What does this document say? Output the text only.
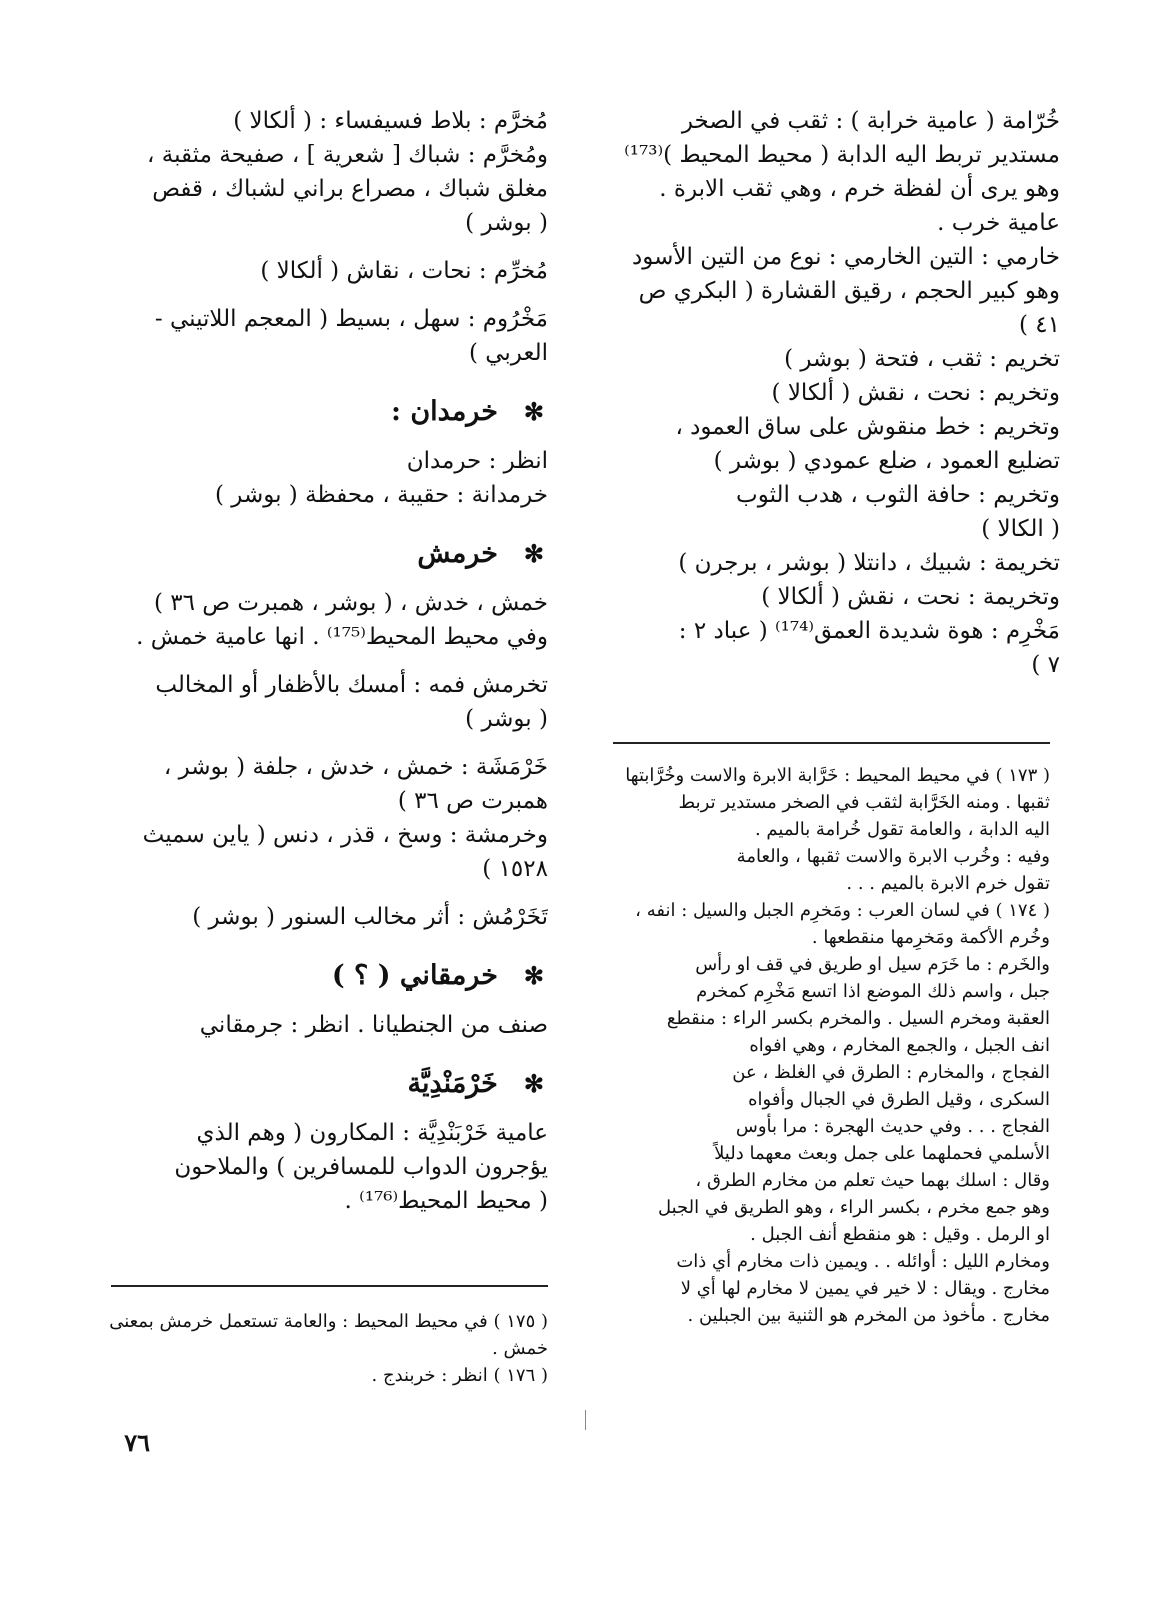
خُرّامة ( عامية خرابة ) : ثقب في الصخر
مستدير تربط اليه الدابة ( محيط المحيط )⁽¹⁷³⁾
وهو يرى أن لفظة خرم ، وهي ثقب الابرة .
عامية خرب .
خارمي : التين الخارمي : نوع من التين الأسود
وهو كبير الحجم ، رقيق القشارة ( البكري ص
٤١ )
تخريم : ثقب ، فتحة ( بوشر )
وتخريم : نحت ، نقش ( ألكالا )
وتخريم : خط منقوش على ساق العمود ،
تضليع العمود ، ضلع عمودي ( بوشر )
وتخريم : حافة الثوب ، هدب الثوب
( الكالا )
تخريمة : شبيك ، دانتلا ( بوشر ، برجرن )
وتخريمة : نحت ، نقش ( ألكالا )
مَخْرِم : هوة شديدة العمق⁽¹⁷⁴⁾ ( عباد ٢ :
٧ )
( ١٧٣ ) في محيط المحيط : خَرَّابة الابرة والاست وخُرَّابتها
ثقبها . ومنه الخَرَّابة لثقب في الصخر مستدير تربط
اليه الدابة ، والعامة تقول خُرامة بالميم .
وفيه : وخُرب الابرة والاست ثقبها ، والعامة
تقول خرم الابرة بالميم . . .
( ١٧٤ ) في لسان العرب : ومَخرِم الجبل والسيل : انفه ،
وخُرم الأكمة ومَخرِمها منقطعها .
والخَرم : ما خَرَم سيل او طريق في قف او رأس
جبل ، واسم ذلك الموضع اذا اتسع مَخْرِم كمخرم
العقبة ومخرم السيل . والمخرم بكسر الراء : منقطع
انف الجبل ، والجمع المخارم ، وهي افواه
الفجاج ، والمخارم : الطرق في الغلظ ، عن
السكرى ، وقيل الطرق في الجبال وأفواه
الفجاج . . . وفي حديث الهجرة : مرا بأوس
الأسلمي فحملهما على جمل وبعث معهما دليلاً
وقال : اسلك بهما حيث تعلم من مخارم الطرق ،
وهو جمع مخرم ، بكسر الراء ، وهو الطريق في الجبل
او الرمل . وقيل : هو منقطع أنف الجبل .
ومخارم الليل : أوائله . . ويمين ذات مخارم أي ذات
مخارج . ويقال : لا خير في يمين لا مخارم لها أي لا
مخارج . مأخوذ من المخرم هو الثنية بين الجبلين .
مُخرَّم : بلاط فسيفساء : ( ألكالا )
ومُخرَّم : شباك [ شعرية ] ، صفيحة مثقبة ،
مغلق شباك ، مصراع براني لشباك ، قفص
( بوشر )
مُخرِّم : نحات ، نقاش ( ألكالا )
مَخْرُوم : سهل ، بسيط ( المعجم اللاتيني -
العربي )
✻
خرمدان :
انظر : حرمدان
خرمدانة : حقيبة ، محفظة ( بوشر )
✻
خرمش
خمش ، خدش ، ( بوشر ، همبرت ص ٣٦ )
وفي محيط المحيط⁽¹⁷⁵⁾ . انها عامية خمش .
تخرمش فمه : أمسك بالأظفار أو المخالب
( بوشر )
خَرْمَشَة : خمش ، خدش ، جلفة ( بوشر ،
همبرت ص ٣٦ )
وخرمشة : وسخ ، قذر ، دنس ( ياين سميث
١٥٢٨ )
تَخَرْمُش : أثر مخالب السنور ( بوشر )
✻
خرمقاني ( ؟ )
صنف من الجنطيانا . انظر : جرمقاني
✻
خَرْمَنْدِيَّة
عامية خَرْبَنْدِيَّة : المكارون ( وهم الذي
يؤجرون الدواب للمسافرين ) والملاحون
( محيط المحيط⁽¹⁷⁶⁾ .
( ١٧٥ ) في محيط المحيط : والعامة تستعمل خرمش بمعنى
خمش .
( ١٧٦ ) انظر : خربندج .
٧٦
